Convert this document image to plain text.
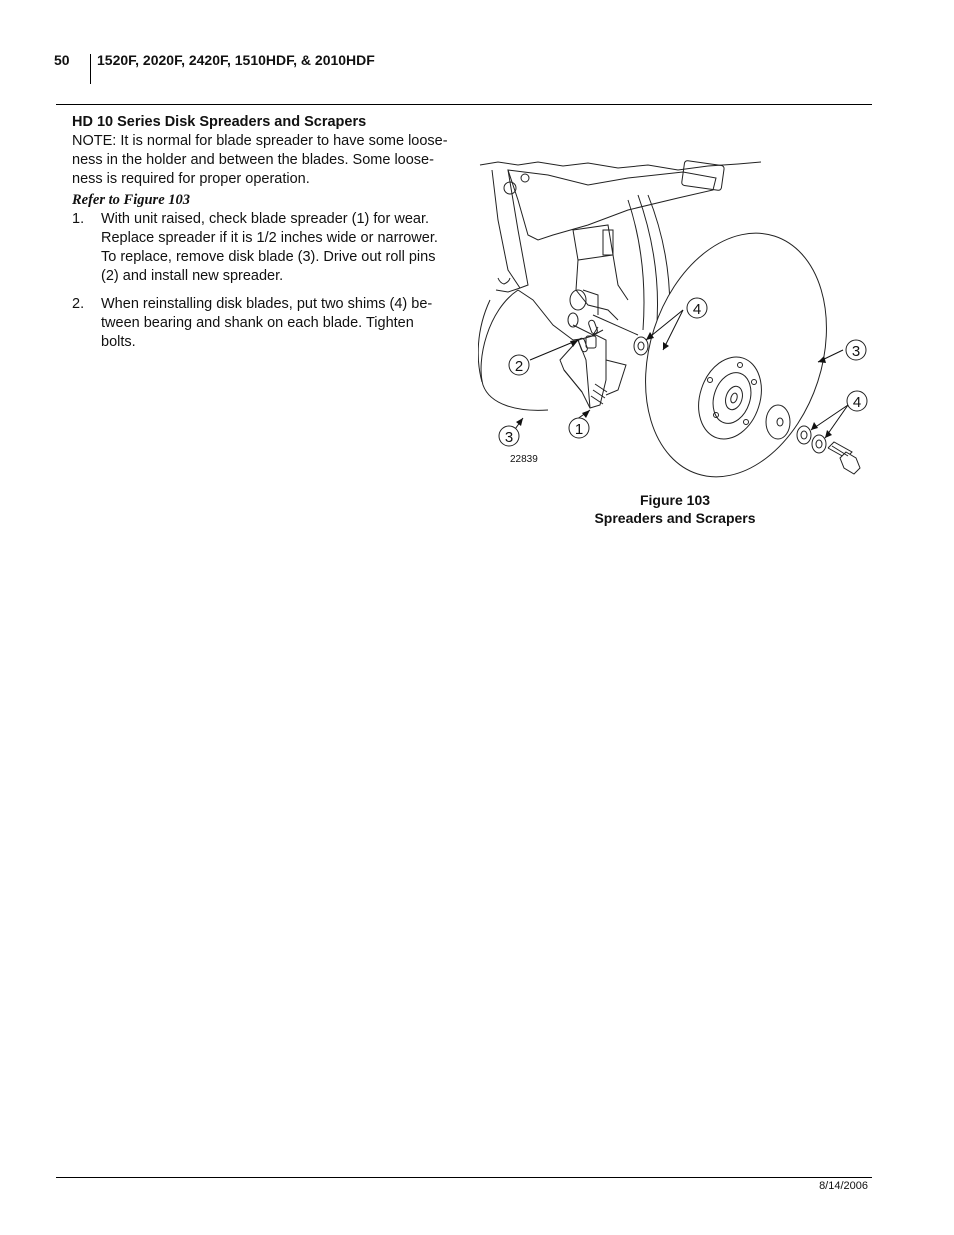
50 1520F, 2020F, 2420F, 1510HDF, & 2010HDF
HD 10 Series Disk Spreaders and Scrapers
NOTE: It is normal for blade spreader to have some loose-
ness in the holder and between the blades. Some loose-
ness is required for proper operation.
Refer to Figure 103
1. With unit raised, check blade spreader (1) for wear.
Replace spreader if it is 1/2 inches wide or narrower.
To replace, remove disk blade (3). Drive out roll pins
(2) and install new spreader.
2. When reinstalling disk blades, put two shims (4) be-
tween bearing and shank on each blade. Tighten
bolts.
4
3
2
4
3	1
22839
Figure 103
Spreaders and Scrapers
8/14/2006
